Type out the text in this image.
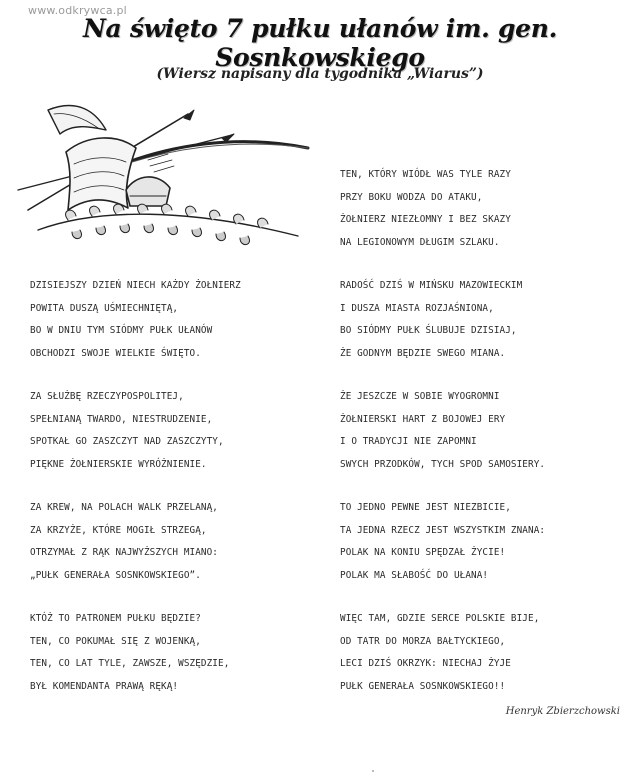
www.odkrywca.pl
Na święto 7 pułku ułanów im. gen. Sosnkowskiego
(Wiersz napisany dla tygodnika „Wiarus”)
TEN, KTÓRY WIÓDŁ WAS TYLE RAZY
PRZY BOKU WODZA DO ATAKU,
ŻOŁNIERZ NIEZŁOMNY I BEZ SKAZY
NA LEGIONOWYM DŁUGIM SZLAKU.
DZISIEJSZY DZIEŃ NIECH KAŻDY ŻOŁNIERZ
POWITA DUSZĄ UŚMIECHNIĘTĄ,
BO W DNIU TYM SIÓDMY PUŁK UŁANÓW
OBCHODZI SWOJE WIELKIE ŚWIĘTO.
RADOŚĆ DZIŚ W MIŃSKU MAZOWIECKIM
I DUSZA MIASTA ROZJAŚNIONA,
BO SIÓDMY PUŁK ŚLUBUJE DZISIAJ,
ŻE GODNYM BĘDZIE SWEGO MIANA.
ZA SŁUŻBĘ RZECZYPOSPOLITEJ,
SPEŁNIANĄ TWARDO, NIESTRUDZENIE,
SPOTKAŁ GO ZASZCZYT NAD ZASZCZYTY,
PIĘKNE ŻOŁNIERSKIE WYRÓŻNIENIE.
ŻE JESZCZE W SOBIE WYOGROMNI
ŻOŁNIERSKI HART Z BOJOWEJ ERY
I O TRADYCJI NIE ZAPOMNI
SWYCH PRZODKÓW, TYCH SPOD SAMOSIERY.
ZA KREW, NA POLACH WALK PRZELANĄ,
ZA KRZYŻE, KTÓRE MOGIŁ STRZEGĄ,
OTRZYMAŁ Z RĄK NAJWYŻSZYCH MIANO:
„PUŁK GENERAŁA SOSNKOWSKIEGO”.
TO JEDNO PEWNE JEST NIEZBICIE,
TA JEDNA RZECZ JEST WSZYSTKIM ZNANA:
POLAK NA KONIU SPĘDZAŁ ŻYCIE!
POLAK MA SŁABOŚĆ DO UŁANA!
KTÓŻ TO PATRONEM PUŁKU BĘDZIE?
TEN, CO POKUMAŁ SIĘ Z WOJENKĄ,
TEN, CO LAT TYLE, ZAWSZE, WSZĘDZIE,
BYŁ KOMENDANTA PRAWĄ RĘKĄ!
WIĘC TAM, GDZIE SERCE POLSKIE BIJE,
OD TATR DO MORZA BAŁTYCKIEGO,
LECI DZIŚ OKRZYK: NIECHAJ ŻYJE
PUŁK GENERAŁA SOSNKOWSKIEGO!!
Henryk Zbierzchowski
